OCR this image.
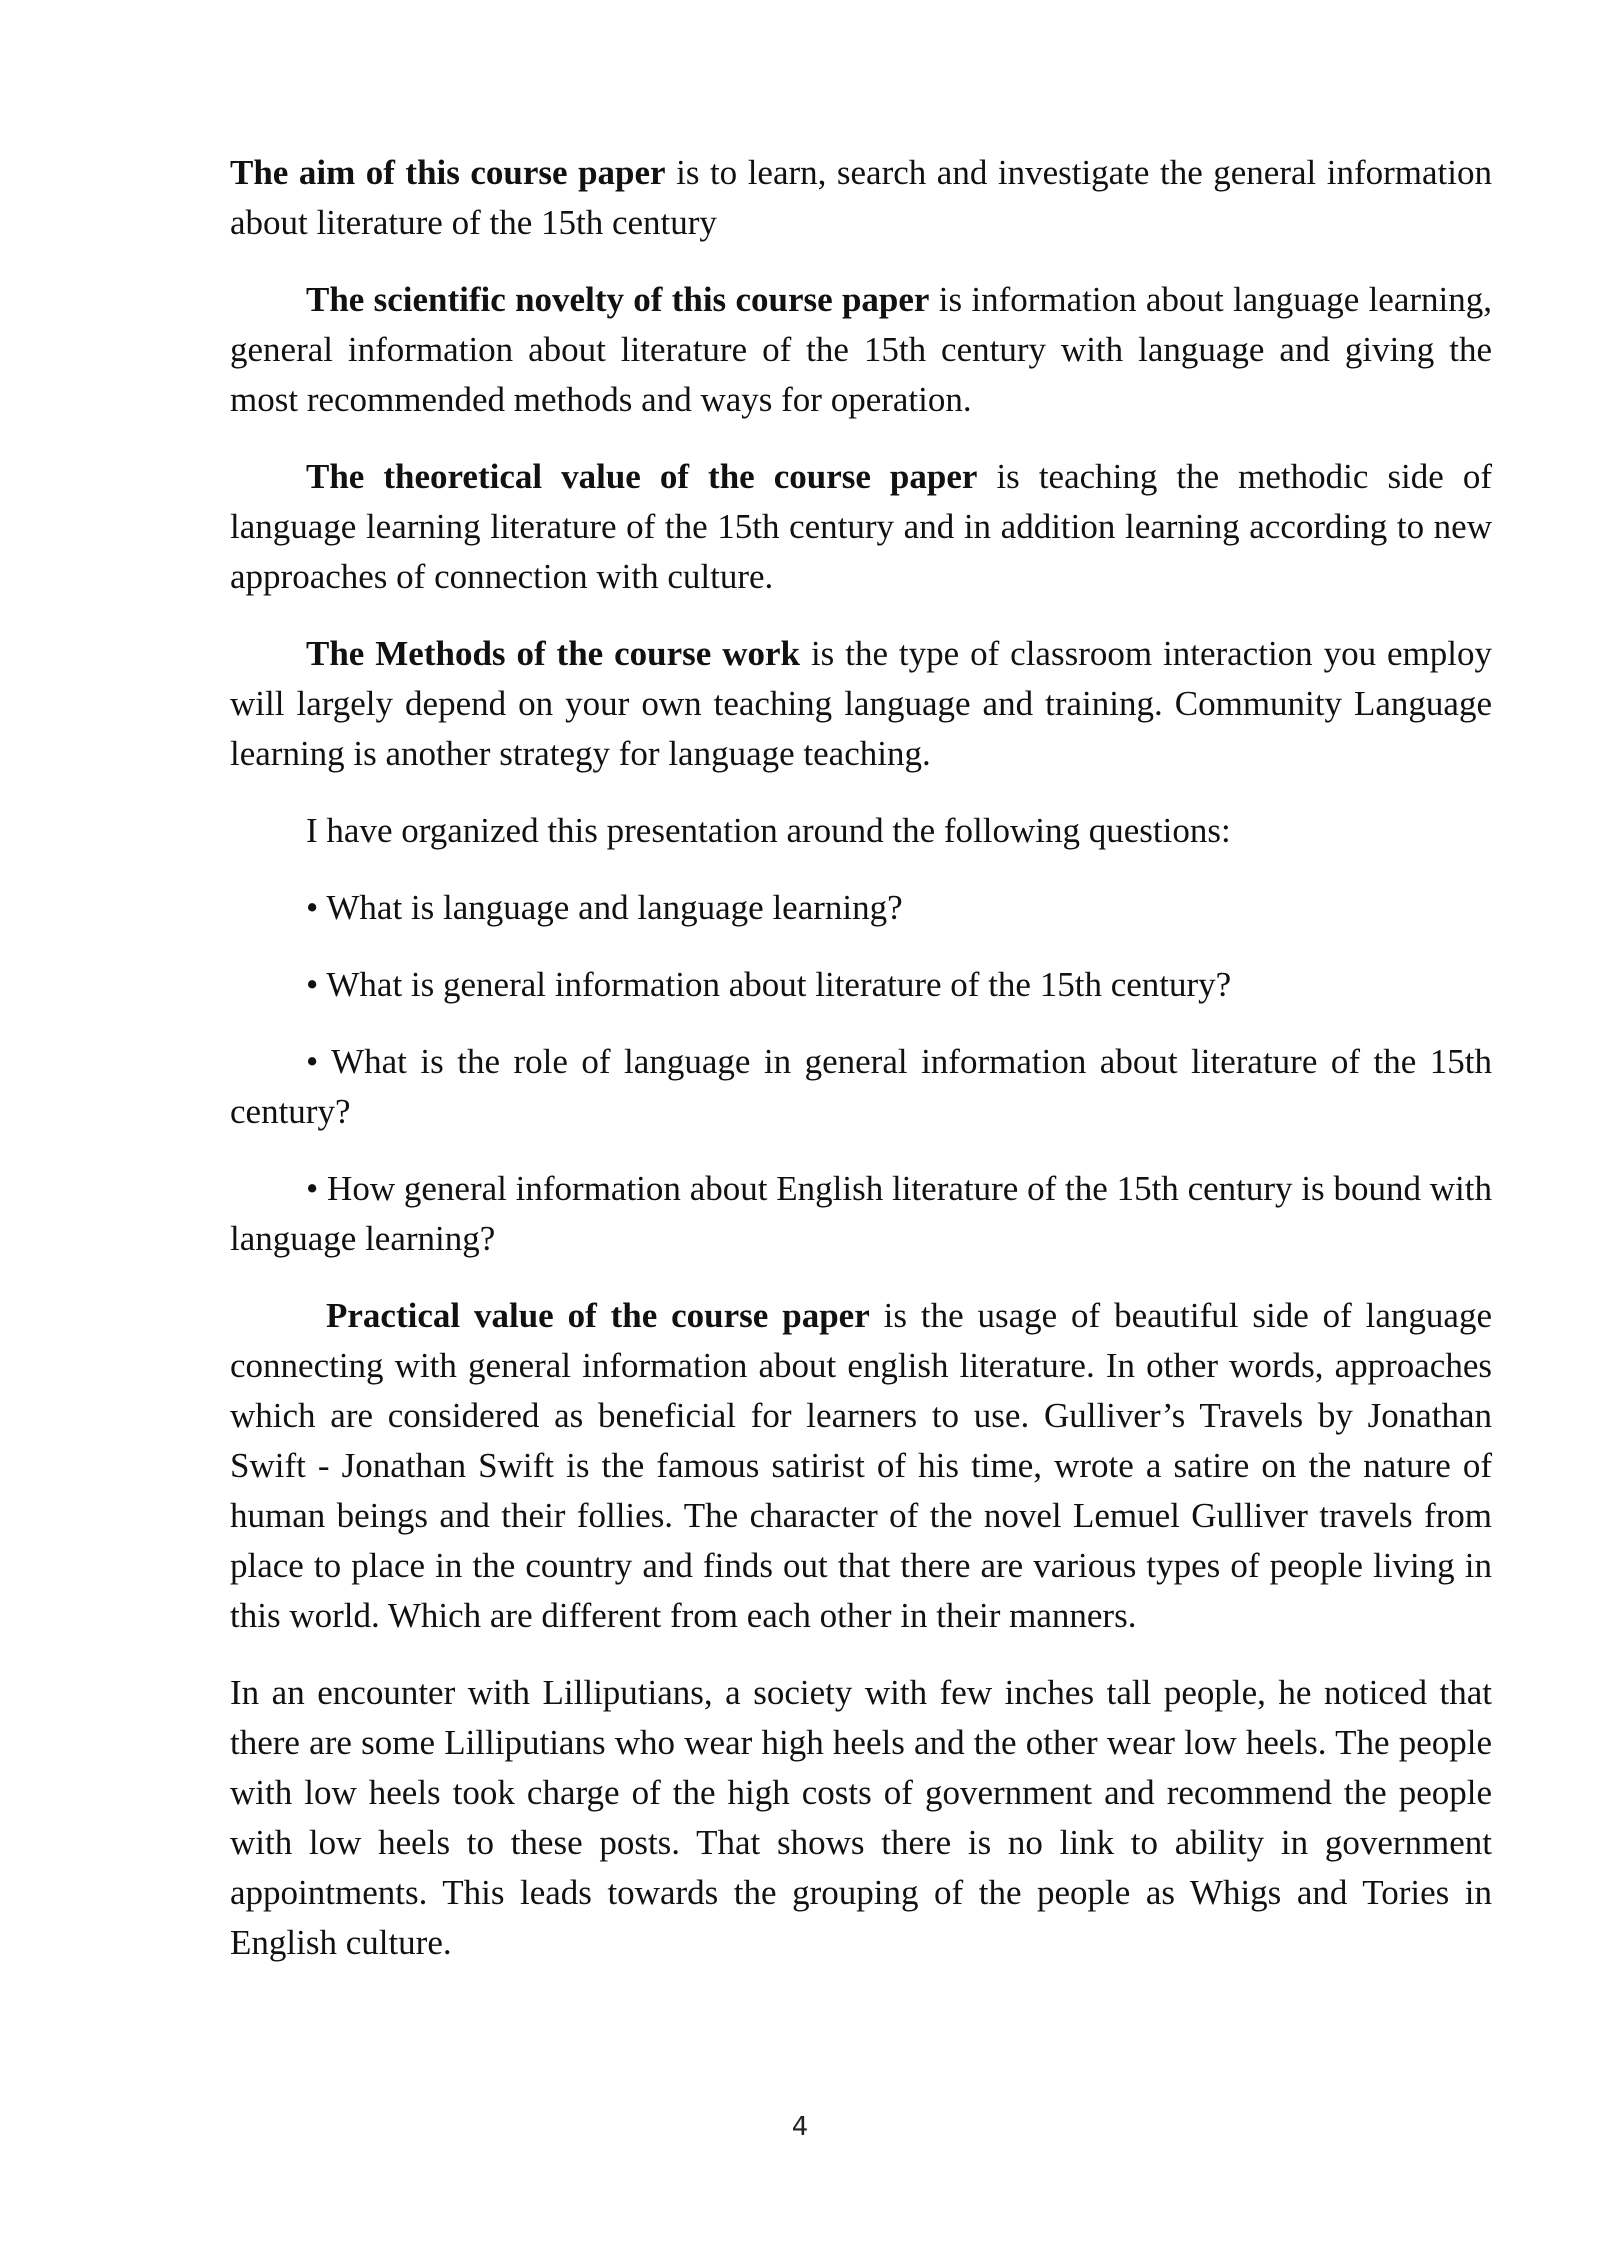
The aim of this course paper is to learn, search and investigate the general information about literature of the 15th century

The scientific novelty of this course paper is information about language learning, general information about literature of the 15th century with language and giving the most recommended methods and ways for operation.

The theoretical value of the course paper is teaching the methodic side of language learning literature of the 15th century and in addition learning according to new approaches of connection with culture.

The Methods of the course work is the type of classroom interaction you employ will largely depend on your own teaching language and training. Community Language learning is another strategy for language teaching.

I have organized this presentation around the following questions:

• What is language and language learning?

• What is general information about literature of the 15th century?

• What is the role of language in general information about literature of the 15th century?

• How general information about English literature of the 15th century is bound with language learning?

Practical value of the course paper is the usage of beautiful side of language connecting with general information about english literature. In other words, approaches which are considered as beneficial for learners to use. Gulliver’s Travels by Jonathan Swift - Jonathan Swift is the famous satirist of his time, wrote a satire on the nature of human beings and their follies. The character of the novel Lemuel Gulliver travels from place to place in the country and finds out that there are various types of people living in this world. Which are different from each other in their manners.

In an encounter with Lilliputians, a society with few inches tall people, he noticed that there are some Lilliputians who wear high heels and the other wear low heels. The people with low heels took charge of the high costs of government and recommend the people with low heels to these posts. That shows there is no link to ability in government appointments. This leads towards the grouping of the people as Whigs and Tories in English culture.

4
